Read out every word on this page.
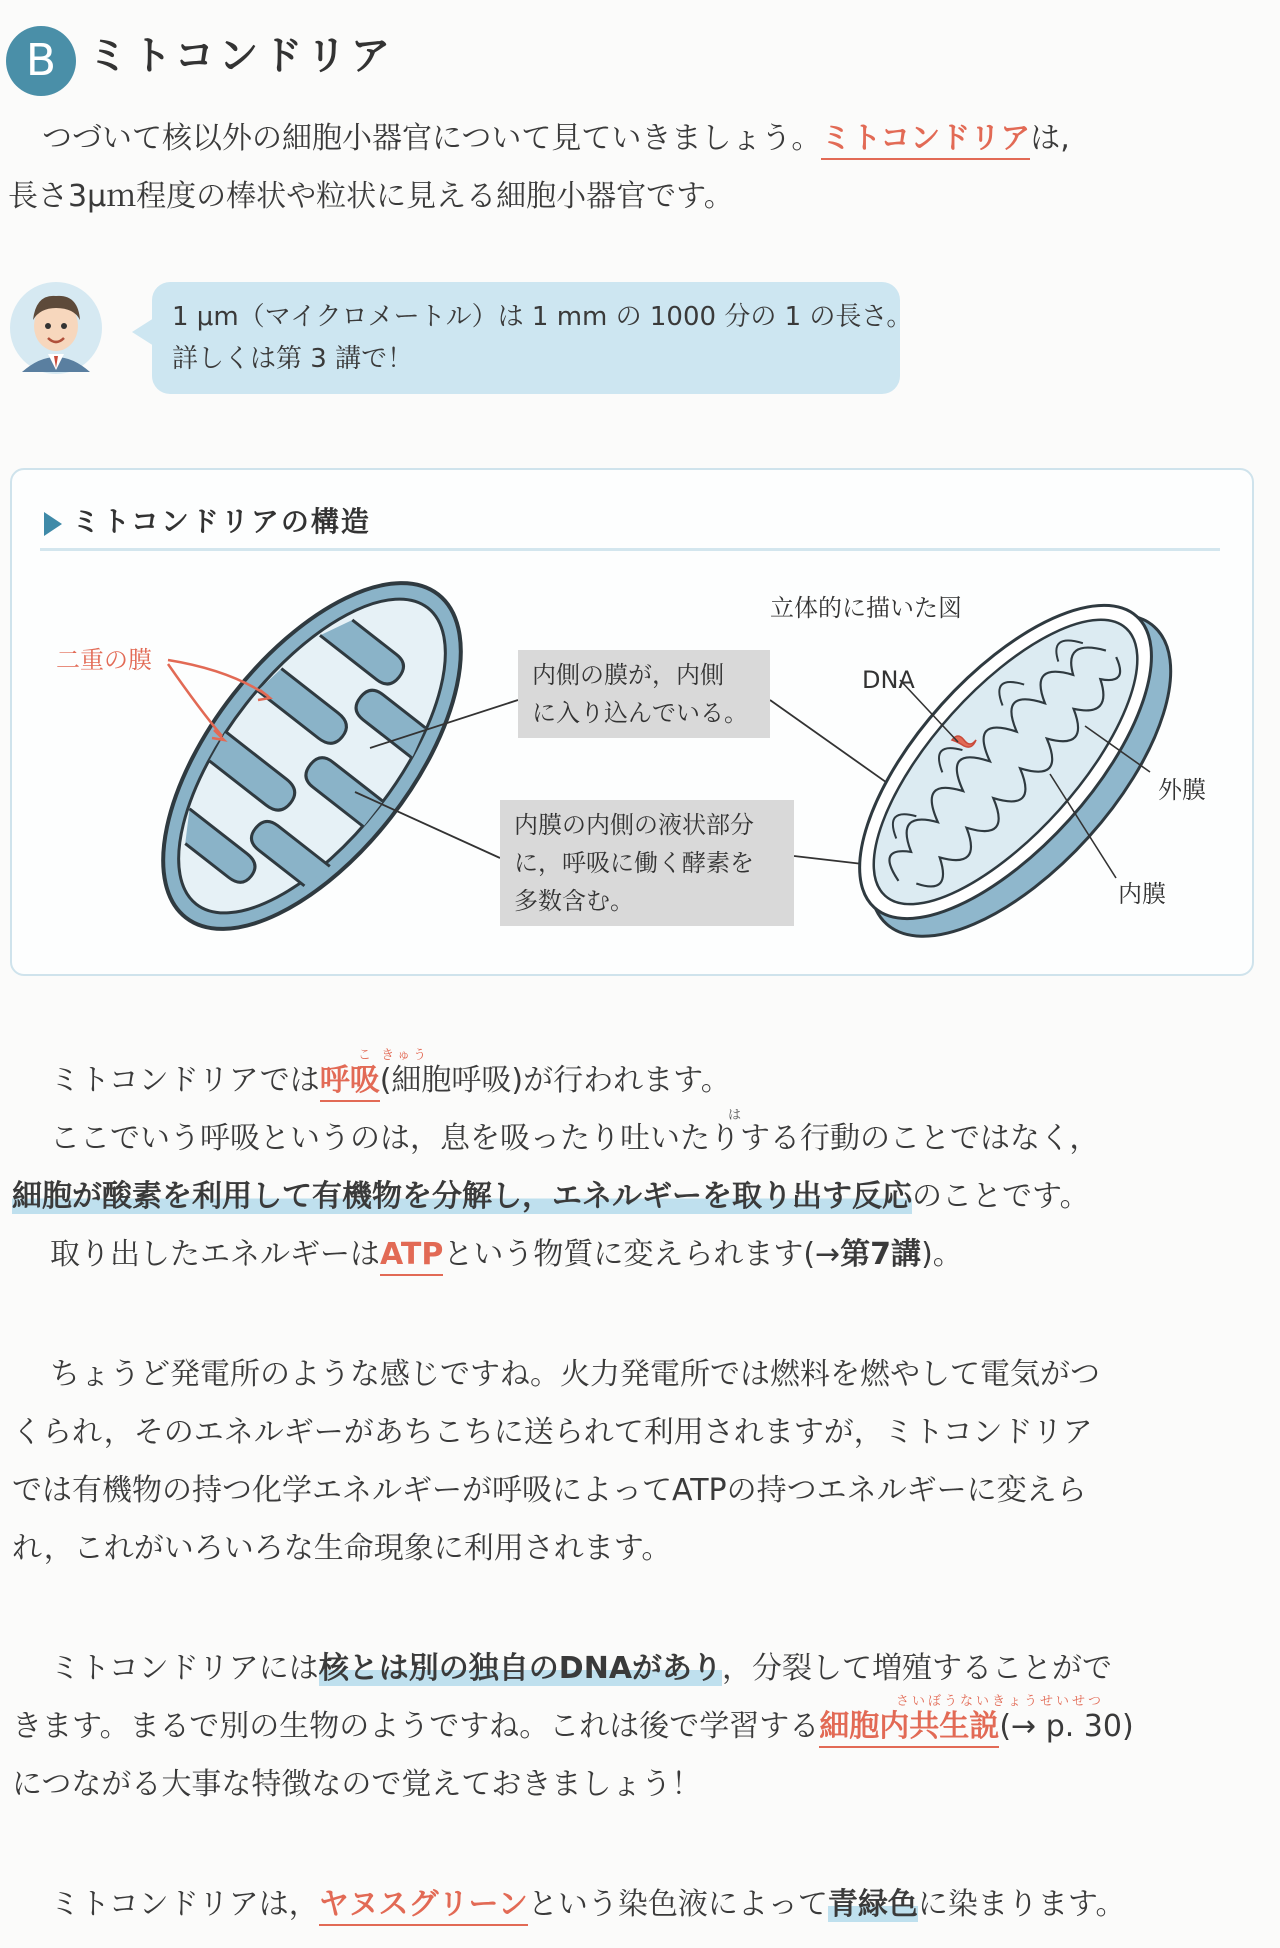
B ミトコンドリア
つづいて核以外の細胞小器官について見ていきましょう。ミトコンドリアは,
長さ3μｍ程度の棒状や粒状に見える細胞小器官です。
1 μm（マイクロメートル）は 1 mm の 1000 分の 1 の長さ。
詳しくは第 3 講で！
ミトコンドリアの構造
二重の膜
内側の膜が，内側
に入り込んでいる。
内膜の内側の液状部分
に，呼吸に働く酵素を
多数含む。
立体的に描いた図
DNA
外膜
内膜
こ きゅう
ミトコンドリアでは呼吸(細胞呼吸)が行われます。
は
ここでいう呼吸というのは，息を吸ったり吐いたりする行動のことではなく，
細胞が酸素を利用して有機物を分解し，エネルギーを取り出す反応のことです。
取り出したエネルギーはATPという物質に変えられます(→第7講)。
ちょうど発電所のような感じですね。火力発電所では燃料を燃やして電気がつ
くられ，そのエネルギーがあちこちに送られて利用されますが，ミトコンドリア
では有機物の持つ化学エネルギーが呼吸によってATPの持つエネルギーに変えら
れ，これがいろいろな生命現象に利用されます。
ミトコンドリアには核とは別の独自のDNAがあり，分裂して増殖することがで
さいぼうないきょうせいせつ
きます。まるで別の生物のようですね。これは後で学習する細胞内共生説(→ p. 30)
につながる大事な特徴なので覚えておきましょう！
ミトコンドリアは，ヤヌスグリーンという染色液によって青緑色に染まります。
